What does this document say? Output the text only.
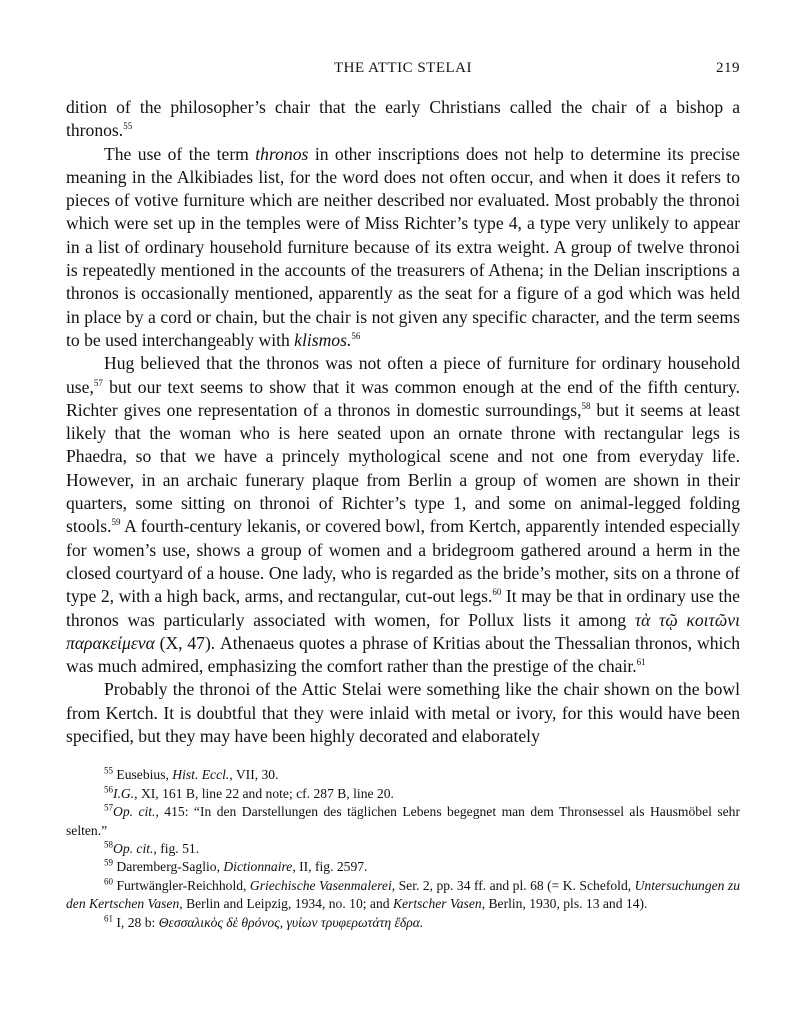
THE ATTIC STELAI	219

dition of the philosopher’s chair that the early Christians called the chair of a bishop a thronos.$^{55}$

The use of the term thronos in other inscriptions does not help to determine its precise meaning in the Alkibiades list, for the word does not often occur, and when it does it refers to pieces of votive furniture which are neither described nor evaluated. Most probably the thronoi which were set up in the temples were of Miss Richter’s type 4, a type very unlikely to appear in a list of ordinary household furniture because of its extra weight. A group of twelve thronoi is repeatedly mentioned in the accounts of the treasurers of Athena; in the Delian inscriptions a thronos is occasionally mentioned, apparently as the seat for a figure of a god which was held in place by a cord or chain, but the chair is not given any specific character, and the term seems to be used interchangeably with klismos.$^{56}$

Hug believed that the thronos was not often a piece of furniture for ordinary household use,$^{57}$ but our text seems to show that it was common enough at the end of the fifth century. Richter gives one representation of a thronos in domestic surroundings,$^{58}$ but it seems at least likely that the woman who is here seated upon an ornate throne with rectangular legs is Phaedra, so that we have a princely mythological scene and not one from everyday life. However, in an archaic funerary plaque from Berlin a group of women are shown in their quarters, some sitting on thronoi of Richter’s type 1, and some on animal-legged folding stools.$^{59}$ A fourth-century lekanis, or covered bowl, from Kertch, apparently intended especially for women’s use, shows a group of women and a bridegroom gathered around a herm in the closed courtyard of a house. One lady, who is regarded as the bride’s mother, sits on a throne of type 2, with a high back, arms, and rectangular, cut-out legs.$^{60}$ It may be that in ordinary use the thronos was particularly associated with women, for Pollux lists it among τὰ τῷ κοιτῶνι παρακείμενα (X, 47). Athenaeus quotes a phrase of Kritias about the Thessalian thronos, which was much admired, emphasizing the comfort rather than the prestige of the chair.$^{61}$

Probably the thronoi of the Attic Stelai were something like the chair shown on the bowl from Kertch. It is doubtful that they were inlaid with metal or ivory, for this would have been specified, but they may have been highly decorated and elaborately

$^{55}$ Eusebius, Hist. Eccl., VII, 30.

$^{56}$I.G., XI, 161 B, line 22 and note; cf. 287 B, line 20.

$^{57}$Op. cit., 415: “In den Darstellungen des täglichen Lebens begegnet man dem Thronsessel als Hausmöbel sehr selten.”

$^{58}$Op. cit., fig. 51.

$^{59}$ Daremberg-Saglio, Dictionnaire, II, fig. 2597.

$^{60}$ Furtwängler-Reichhold, Griechische Vasenmalerei, Ser. 2, pp. 34 ff. and pl. 68 (= K. Schefold, Untersuchungen zu den Kertschen Vasen, Berlin and Leipzig, 1934, no. 10; and Kertscher Vasen, Berlin, 1930, pls. 13 and 14).

$^{61}$ I, 28 b: Θεσσαλικὸς δὲ θρόνος, γυίων τρυφερωτάτη ἕδρα.
